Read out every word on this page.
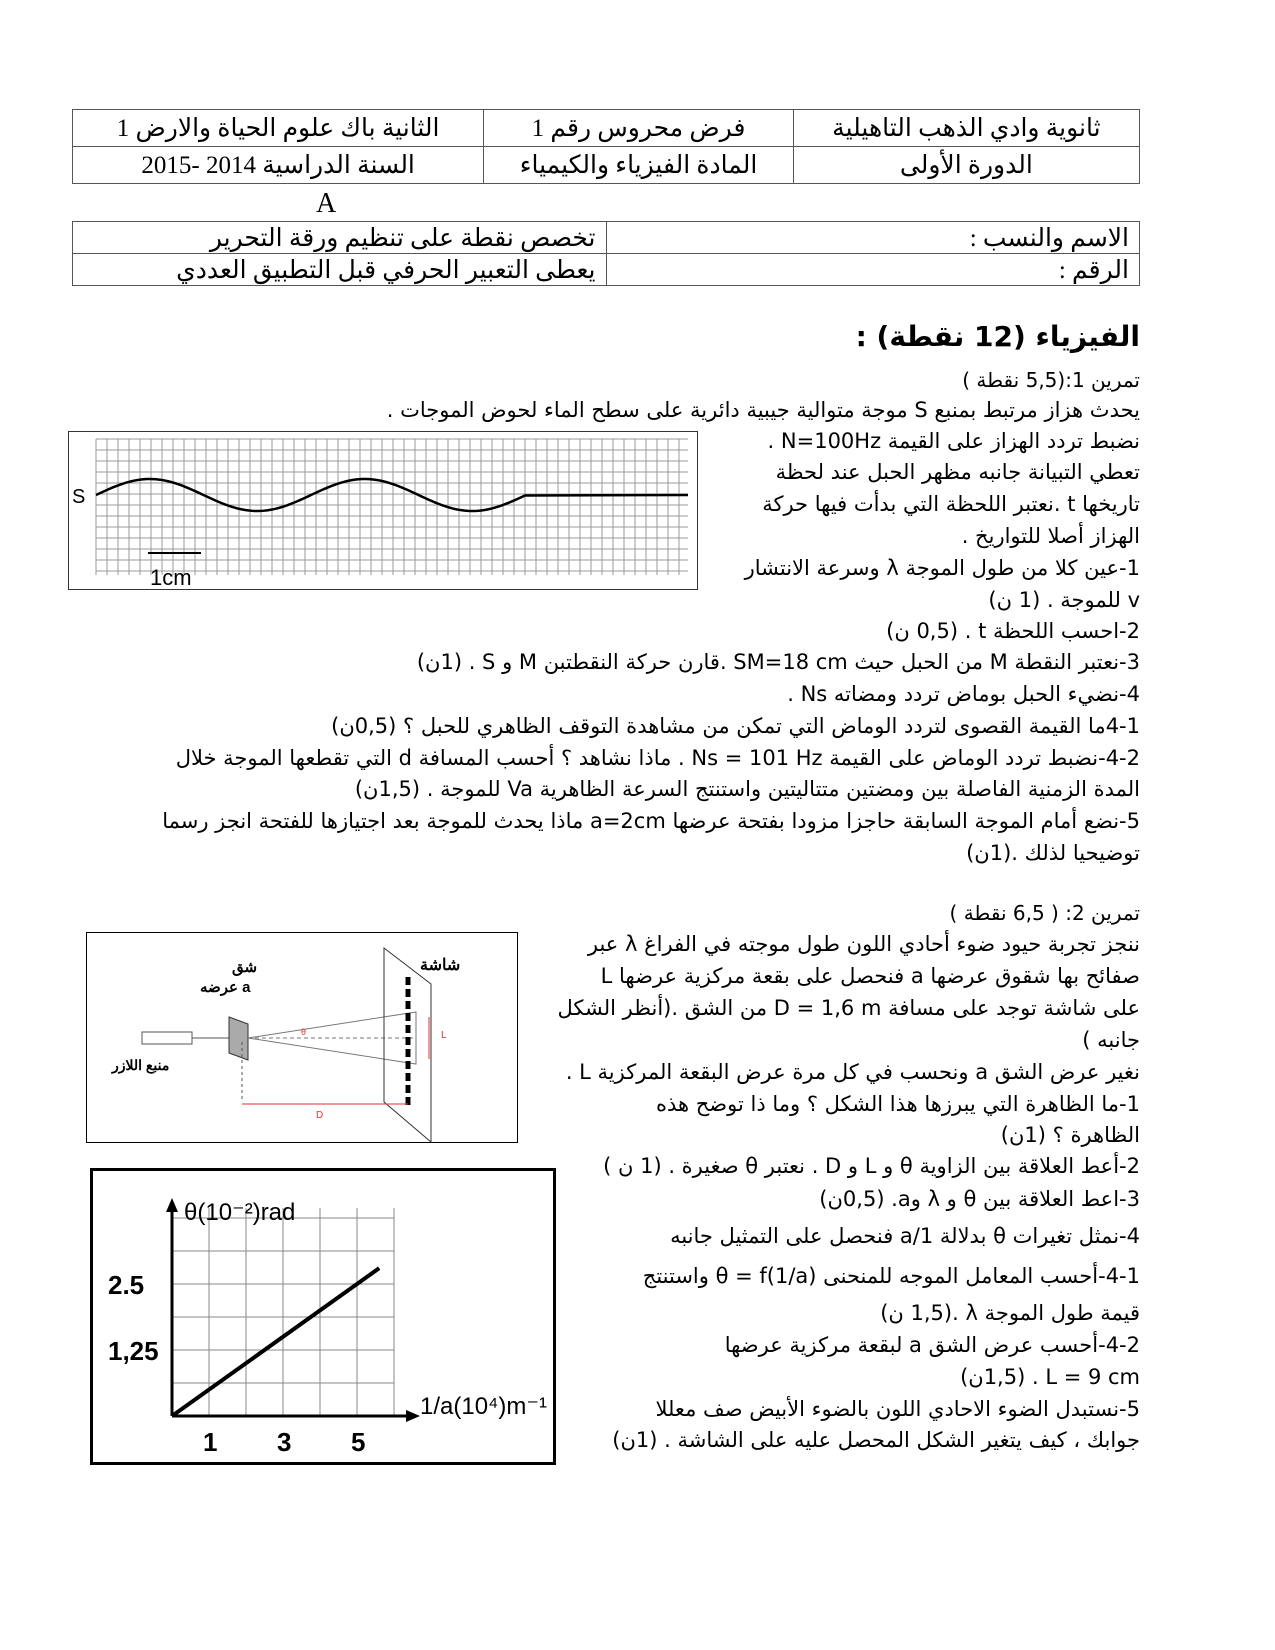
ثانوية وادي الذهب التاهيلية	فرض محروس رقم 1	الثانية باك علوم الحياة والارض 1
الدورة الأولى	المادة الفيزياء والكيمياء	السنة الدراسية 2014 -2015
A
الاسم والنسب :	تخصص نقطة على تنظيم ورقة التحرير
الرقم :	يعطى التعبير الحرفي قبل التطبيق العددي
الفيزياء (12 نقطة) :
تمرين 1:(5,5 نقطة )
يحدث هزاز مرتبط بمنبع S موجة متوالية جيبية دائرية على سطح الماء لحوض الموجات .
نضبط تردد الهزاز على القيمة N=100Hz .
تعطي التبيانة جانبه مظهر الحبل عند لحظة
تاريخها t .نعتبر اللحظة التي بدأت فيها حركة
الهزاز أصلا للتواريخ .
1-عين كلا من طول الموجة λ وسرعة الانتشار
v للموجة . (1 ن)
2-احسب اللحظة t . (0,5 ن)
3-نعتبر النقطة M من الحبل حيث SM=18 cm .قارن حركة النقطتبن M و S . (1ن)
4-نضيء الحبل بوماض تردد ومضاته Ns .
4-1ما القيمة القصوى لتردد الوماض التي تمكن من مشاهدة التوقف الظاهري للحبل ؟ (0,5ن)
4-2-نضبط تردد الوماض على القيمة Ns = 101 Hz . ماذا نشاهد ؟ أحسب المسافة d التي تقطعها الموجة خلال
المدة الزمنية الفاصلة بين ومضتين متتاليتين واستنتج السرعة الظاهرية Va للموجة . (1,5ن)
5-نضع أمام الموجة السابقة حاجزا مزودا بفتحة عرضها a=2cm ماذا يحدث للموجة بعد اجتيازها للفتحة انجز رسما
توضيحيا لذلك .(1ن)
تمرين 2: ( 6,5 نقطة )
ننجز تجربة حيود ضوء أحادي اللون طول موجته في الفراغ λ عبر
صفائح بها شقوق عرضها a فنحصل على بقعة مركزية عرضها L
على شاشة توجد على مسافة D = 1,6 m من الشق .(أنظر الشكل
جانبه )
نغير عرض الشق a ونحسب في كل مرة عرض البقعة المركزية L .
1-ما الظاهرة التي يبرزها هذا الشكل ؟ وما ذا توضح هذه
الظاهرة ؟ (1ن)
2-أعط العلاقة بين الزاوية θ و L و D . نعتبر θ صغيرة . (1 ن )
3-اعط العلاقة بين θ و λ وa. (0,5ن)
4-نمثل تغيرات θ بدلالة 1/a فنحصل على التمثيل جانبه
4-1-أحسب المعامل الموجه للمنحنى θ = f(1/a) واستنتج
قيمة طول الموجة λ .(1,5 ن)
4-2-أحسب عرض الشق a لبقعة مركزية عرضها
L = 9 cm . (1,5ن)
5-نستبدل الضوء الاحادي اللون بالضوء الأبيض صف معللا
جوابك ، كيف يتغير الشكل المحصل عليه على الشاشة . (1ن)
S
1cm
L
D
θ
شاشة
شق
عرضه a
منبع اللازر
θ(10⁻²)rad
1/a(10⁴)m⁻¹
1 3 5
2.5
1,25
